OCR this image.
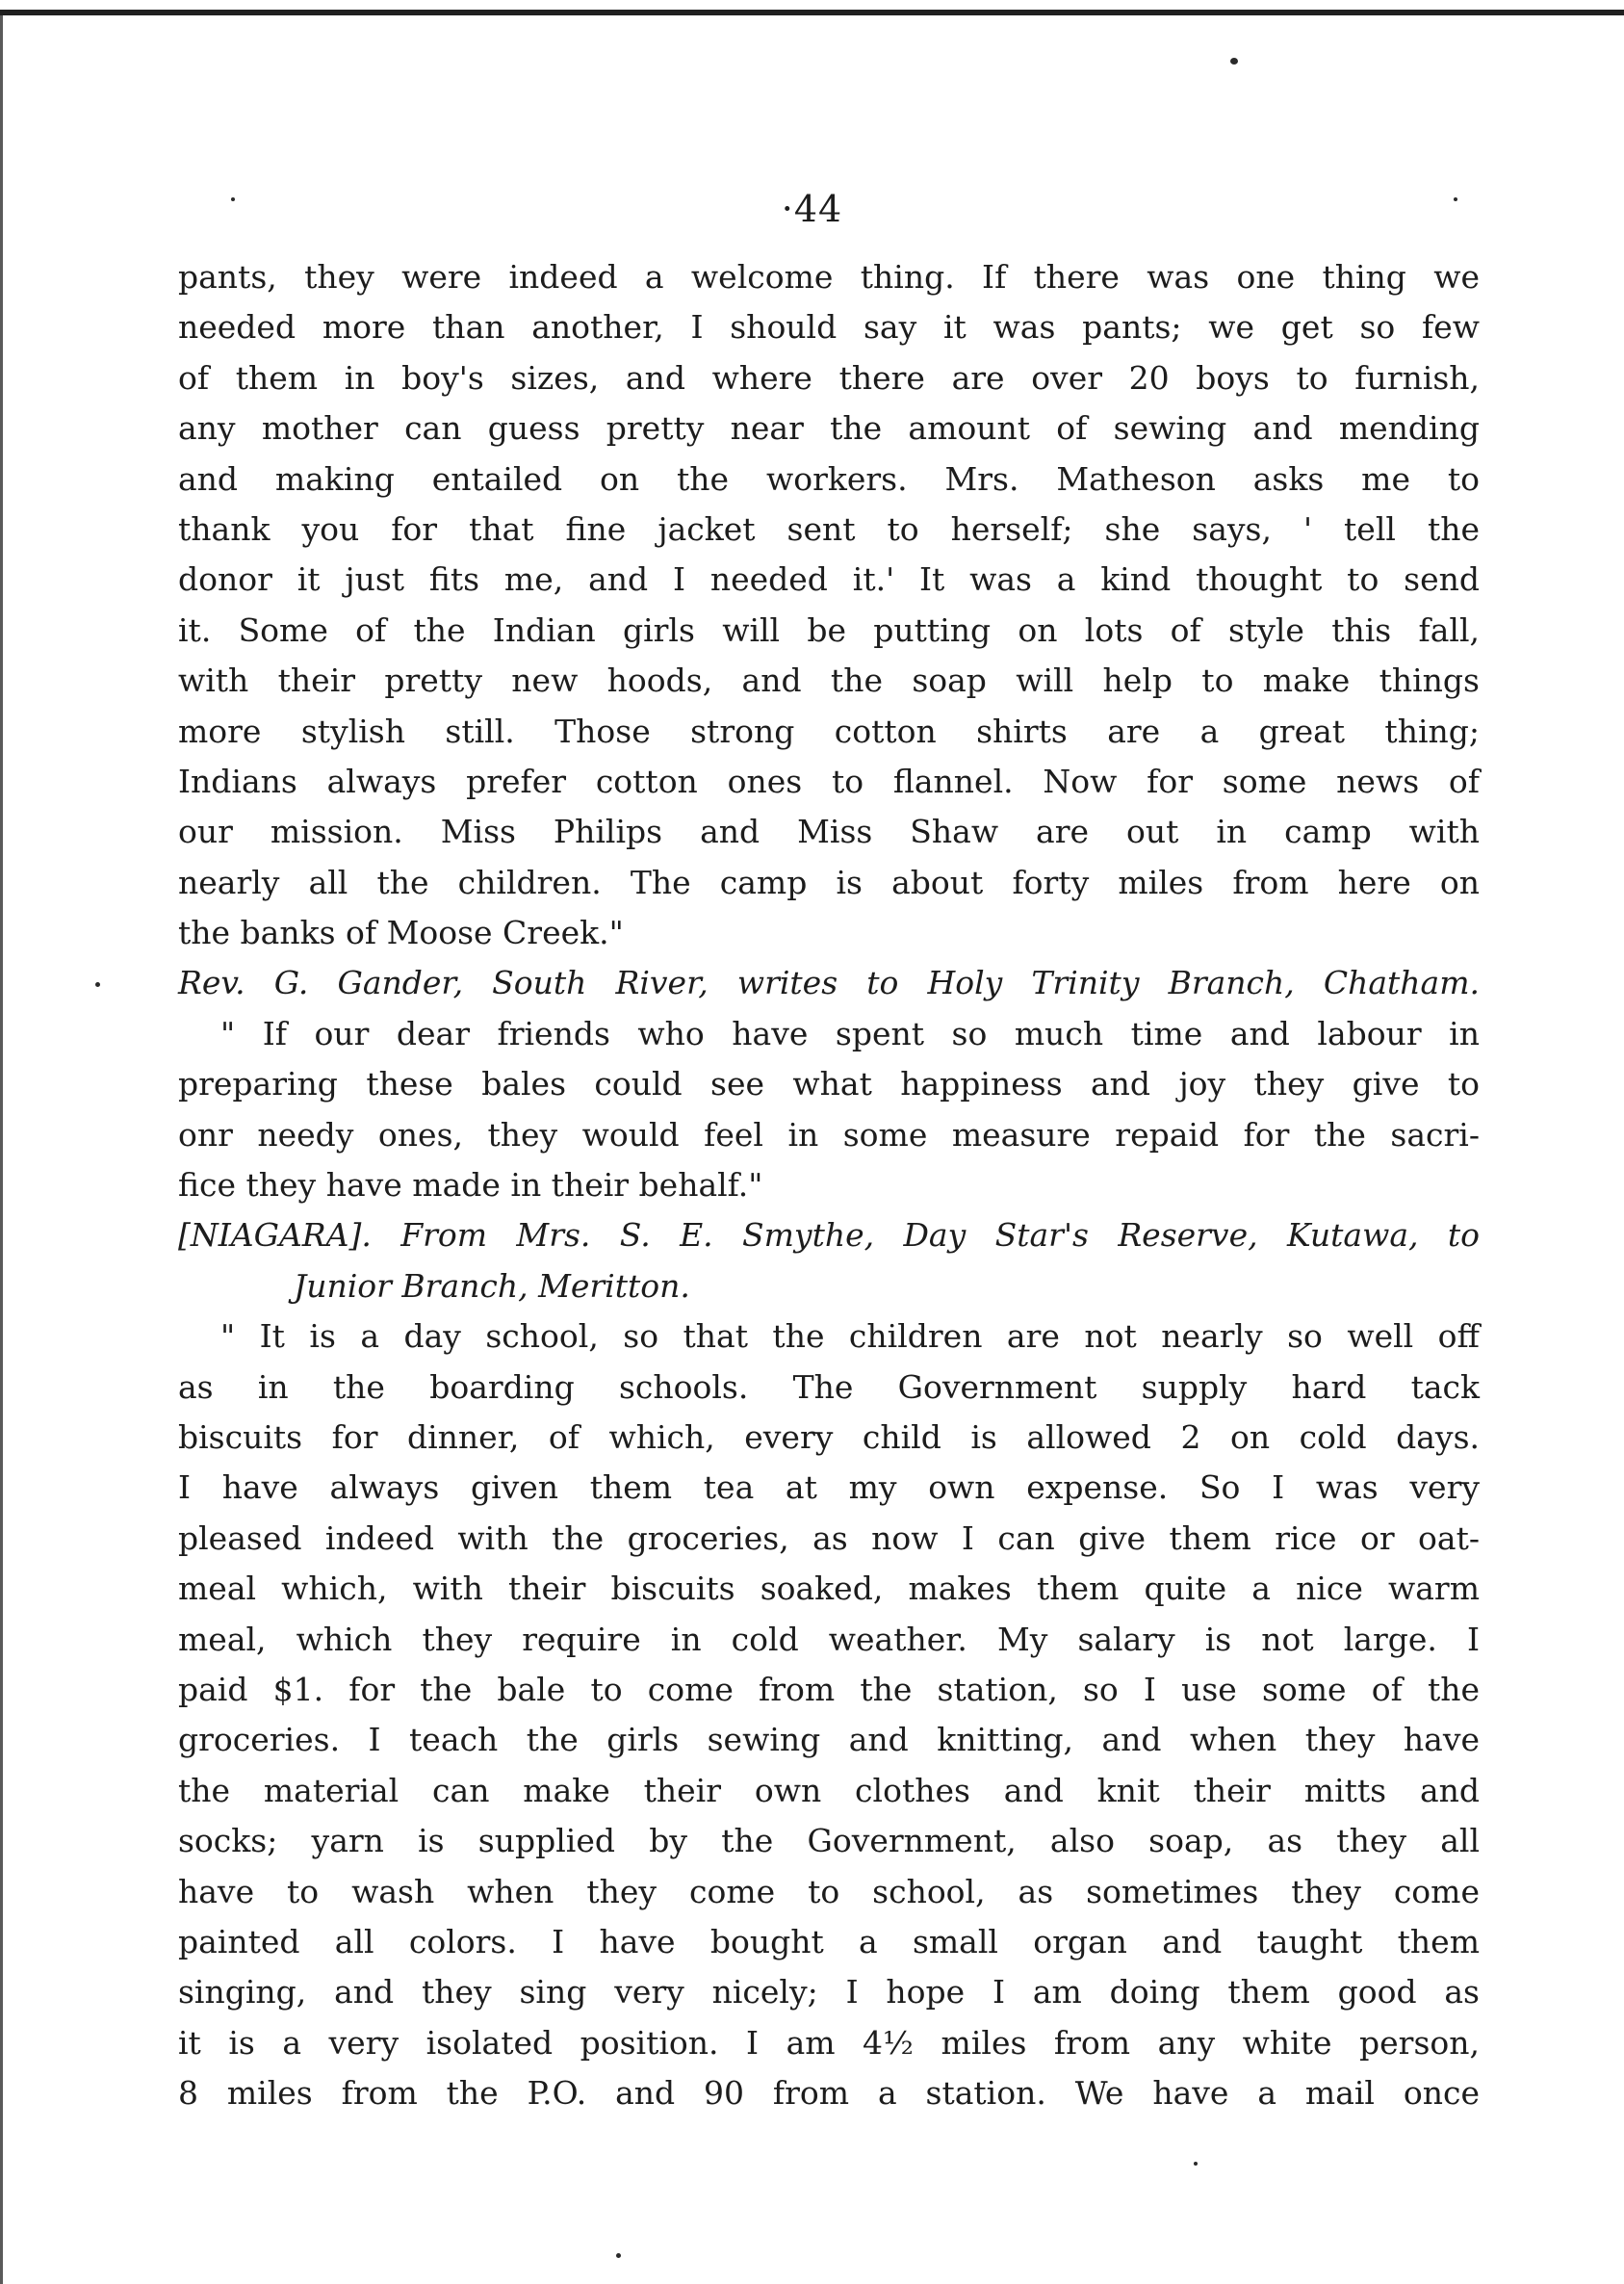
·44
pants, they were indeed a welcome thing. If there was one thing we
needed more than another, I should say it was pants; we get so few
of them in boy's sizes, and where there are over 20 boys to furnish,
any mother can guess pretty near the amount of sewing and mending
and making entailed on the workers. Mrs. Matheson asks me to
thank you for that fine jacket sent to herself; she says, ' tell the
donor it just fits me, and I needed it.' It was a kind thought to send
it. Some of the Indian girls will be putting on lots of style this fall,
with their pretty new hoods, and the soap will help to make things
more stylish still. Those strong cotton shirts are a great thing;
Indians always prefer cotton ones to flannel. Now for some news of
our mission. Miss Philips and Miss Shaw are out in camp with
nearly all the children. The camp is about forty miles from here on
the banks of Moose Creek."
Rev. G. Gander, South River, writes to Holy Trinity Branch, Chatham.
" If our dear friends who have spent so much time and labour in
preparing these bales could see what happiness and joy they give to
onr needy ones, they would feel in some measure repaid for the sacri-
fice they have made in their behalf."
[NIAGARA]. From Mrs. S. E. Smythe, Day Star's Reserve, Kutawa, to
Junior Branch, Meritton.
" It is a day school, so that the children are not nearly so well off
as in the boarding schools. The Government supply hard tack
biscuits for dinner, of which, every child is allowed 2 on cold days.
I have always given them tea at my own expense. So I was very
pleased indeed with the groceries, as now I can give them rice or oat-
meal which, with their biscuits soaked, makes them quite a nice warm
meal, which they require in cold weather. My salary is not large. I
paid $1. for the bale to come from the station, so I use some of the
groceries. I teach the girls sewing and knitting, and when they have
the material can make their own clothes and knit their mitts and
socks; yarn is supplied by the Government, also soap, as they all
have to wash when they come to school, as sometimes they come
painted all colors. I have bought a small organ and taught them
singing, and they sing very nicely; I hope I am doing them good as
it is a very isolated position. I am 4½ miles from any white person,
8 miles from the P.O. and 90 from a station. We have a mail once
